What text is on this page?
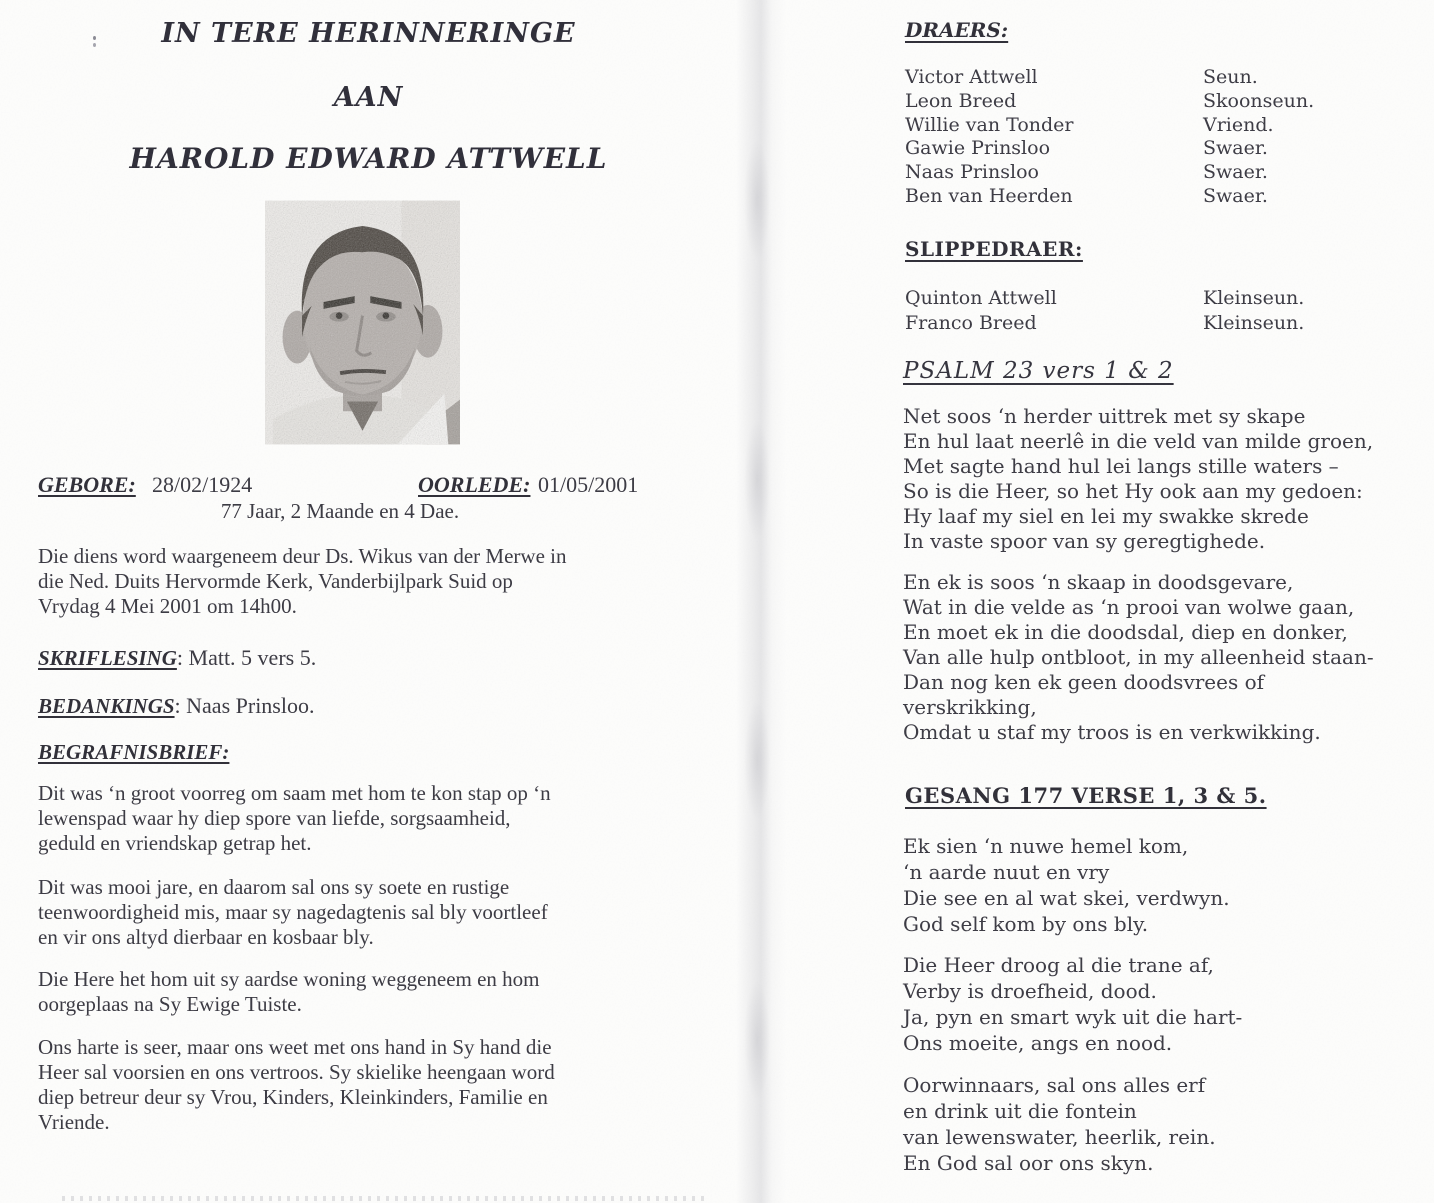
IN TERE HERINNERINGE
AAN
HAROLD EDWARD ATTWELL
GEBORE: 28/02/1924	OORLEDE: 01/05/2001
77 Jaar, 2 Maande en 4 Dae.
Die diens word waargeneem deur Ds. Wikus van der Merwe in
die Ned. Duits Hervormde Kerk, Vanderbijlpark Suid op
Vrydag 4 Mei 2001 om 14h00.
SKRIFLESING: Matt. 5 vers 5.
BEDANKINGS: Naas Prinsloo.
BEGRAFNISBRIEF:
Dit was ‘n groot voorreg om saam met hom te kon stap op ‘n
lewenspad waar hy diep spore van liefde, sorgsaamheid,
geduld en vriendskap getrap het.
Dit was mooi jare, en daarom sal ons sy soete en rustige
teenwoordigheid mis, maar sy nagedagtenis sal bly voortleef
en vir ons altyd dierbaar en kosbaar bly.
Die Here het hom uit sy aardse woning weggeneem en hom
oorgeplaas na Sy Ewige Tuiste.
Ons harte is seer, maar ons weet met ons hand in Sy hand die
Heer sal voorsien en ons vertroos. Sy skielike heengaan word
diep betreur deur sy Vrou, Kinders, Kleinkinders, Familie en
Vriende.
DRAERS:
Victor Attwell	Seun.
Leon Breed	Skoonseun.
Willie van Tonder	Vriend.
Gawie Prinsloo	Swaer.
Naas Prinsloo	Swaer.
Ben van Heerden	Swaer.
SLIPPEDRAER:
Quinton Attwell	Kleinseun.
Franco Breed	Kleinseun.
PSALM 23 vers 1 & 2
Net soos ‘n herder uittrek met sy skape
En hul laat neerlê in die veld van milde groen,
Met sagte hand hul lei langs stille waters –
So is die Heer, so het Hy ook aan my gedoen:
Hy laaf my siel en lei my swakke skrede
In vaste spoor van sy geregtighede.
En ek is soos ‘n skaap in doodsgevare,
Wat in die velde as ‘n prooi van wolwe gaan,
En moet ek in die doodsdal, diep en donker,
Van alle hulp ontbloot, in my alleenheid staan-
Dan nog ken ek geen doodsvrees of verskrikking,
Omdat u staf my troos is en verkwikking.
GESANG 177 VERSE 1, 3 & 5.
Ek sien ‘n nuwe hemel kom,
‘n aarde nuut en vry
Die see en al wat skei, verdwyn.
God self kom by ons bly.
Die Heer droog al die trane af,
Verby is droefheid, dood.
Ja, pyn en smart wyk uit die hart-
Ons moeite, angs en nood.
Oorwinnaars, sal ons alles erf
en drink uit die fontein
van lewenswater, heerlik, rein.
En God sal oor ons skyn.
